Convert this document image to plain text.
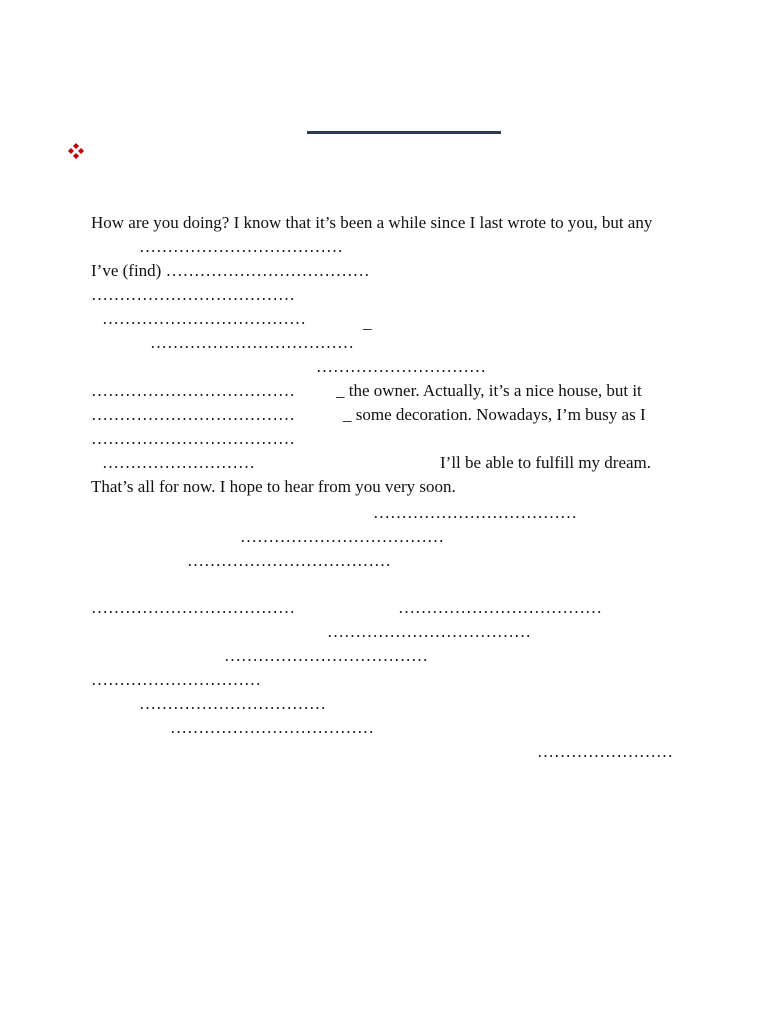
How are you doing? I know that it’s been a while since I last wrote to you, but any
………………………………
I’ve (find) ………………………………
………………………………
………………………………	_
………………………………
…………………………
……………………………… _ the owner. Actually, it’s a nice house, but it
………………………………	_ some decoration. Nowadays, I’m busy as I
………………………………
………………………	I’ll be able to fulfill my dream.
That’s all for now. I hope to hear from you very soon.
………………………………
………………………………
………………………………
………………………………	………………………………
………………………………
………………………………
…………………………
……………………………
………………………………
……………………
